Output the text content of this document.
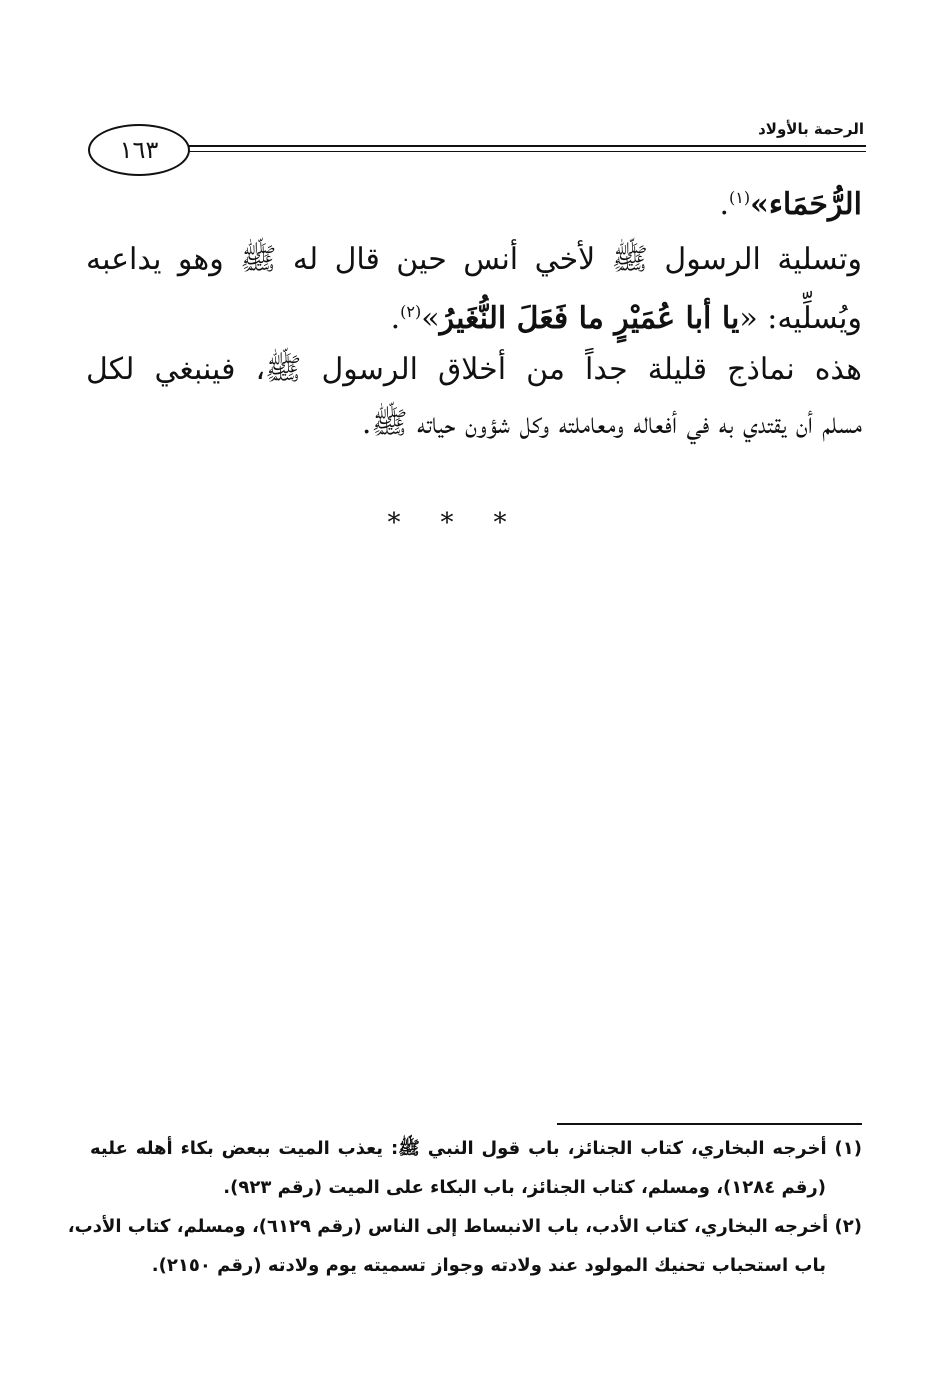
الرحمة بالأولاد
١٦٣
الرُّحَمَاء»$^{(١)}$.
وتسلية الرسول ﷺ لأخي أنس حين قال له ﷺ وهو يداعبه
ويُسلِّيه: «يا أبا عُمَيْرٍ ما فَعَلَ النُّغَيرُ»$^{(٢)}$.
هذه نماذج قليلة جداً من أخلاق الرسول ﷺ، فينبغي لكل
مسلم أن يقتدي به في أفعاله ومعاملته وكل شؤون حياته ﷺ.
***
(١) أخرجه البخاري، كتاب الجنائز، باب قول النبي ﷺ: يعذب الميت ببعض بكاء أهله عليه
(رقم ١٢٨٤)، ومسلم، كتاب الجنائز، باب البكاء على الميت (رقم ٩٢٣).
(٢) أخرجه البخاري، كتاب الأدب، باب الانبساط إلى الناس (رقم ٦١٢٩)، ومسلم، كتاب الأدب،
باب استحباب تحنيك المولود عند ولادته وجواز تسميته يوم ولادته (رقم ٢١٥٠).
